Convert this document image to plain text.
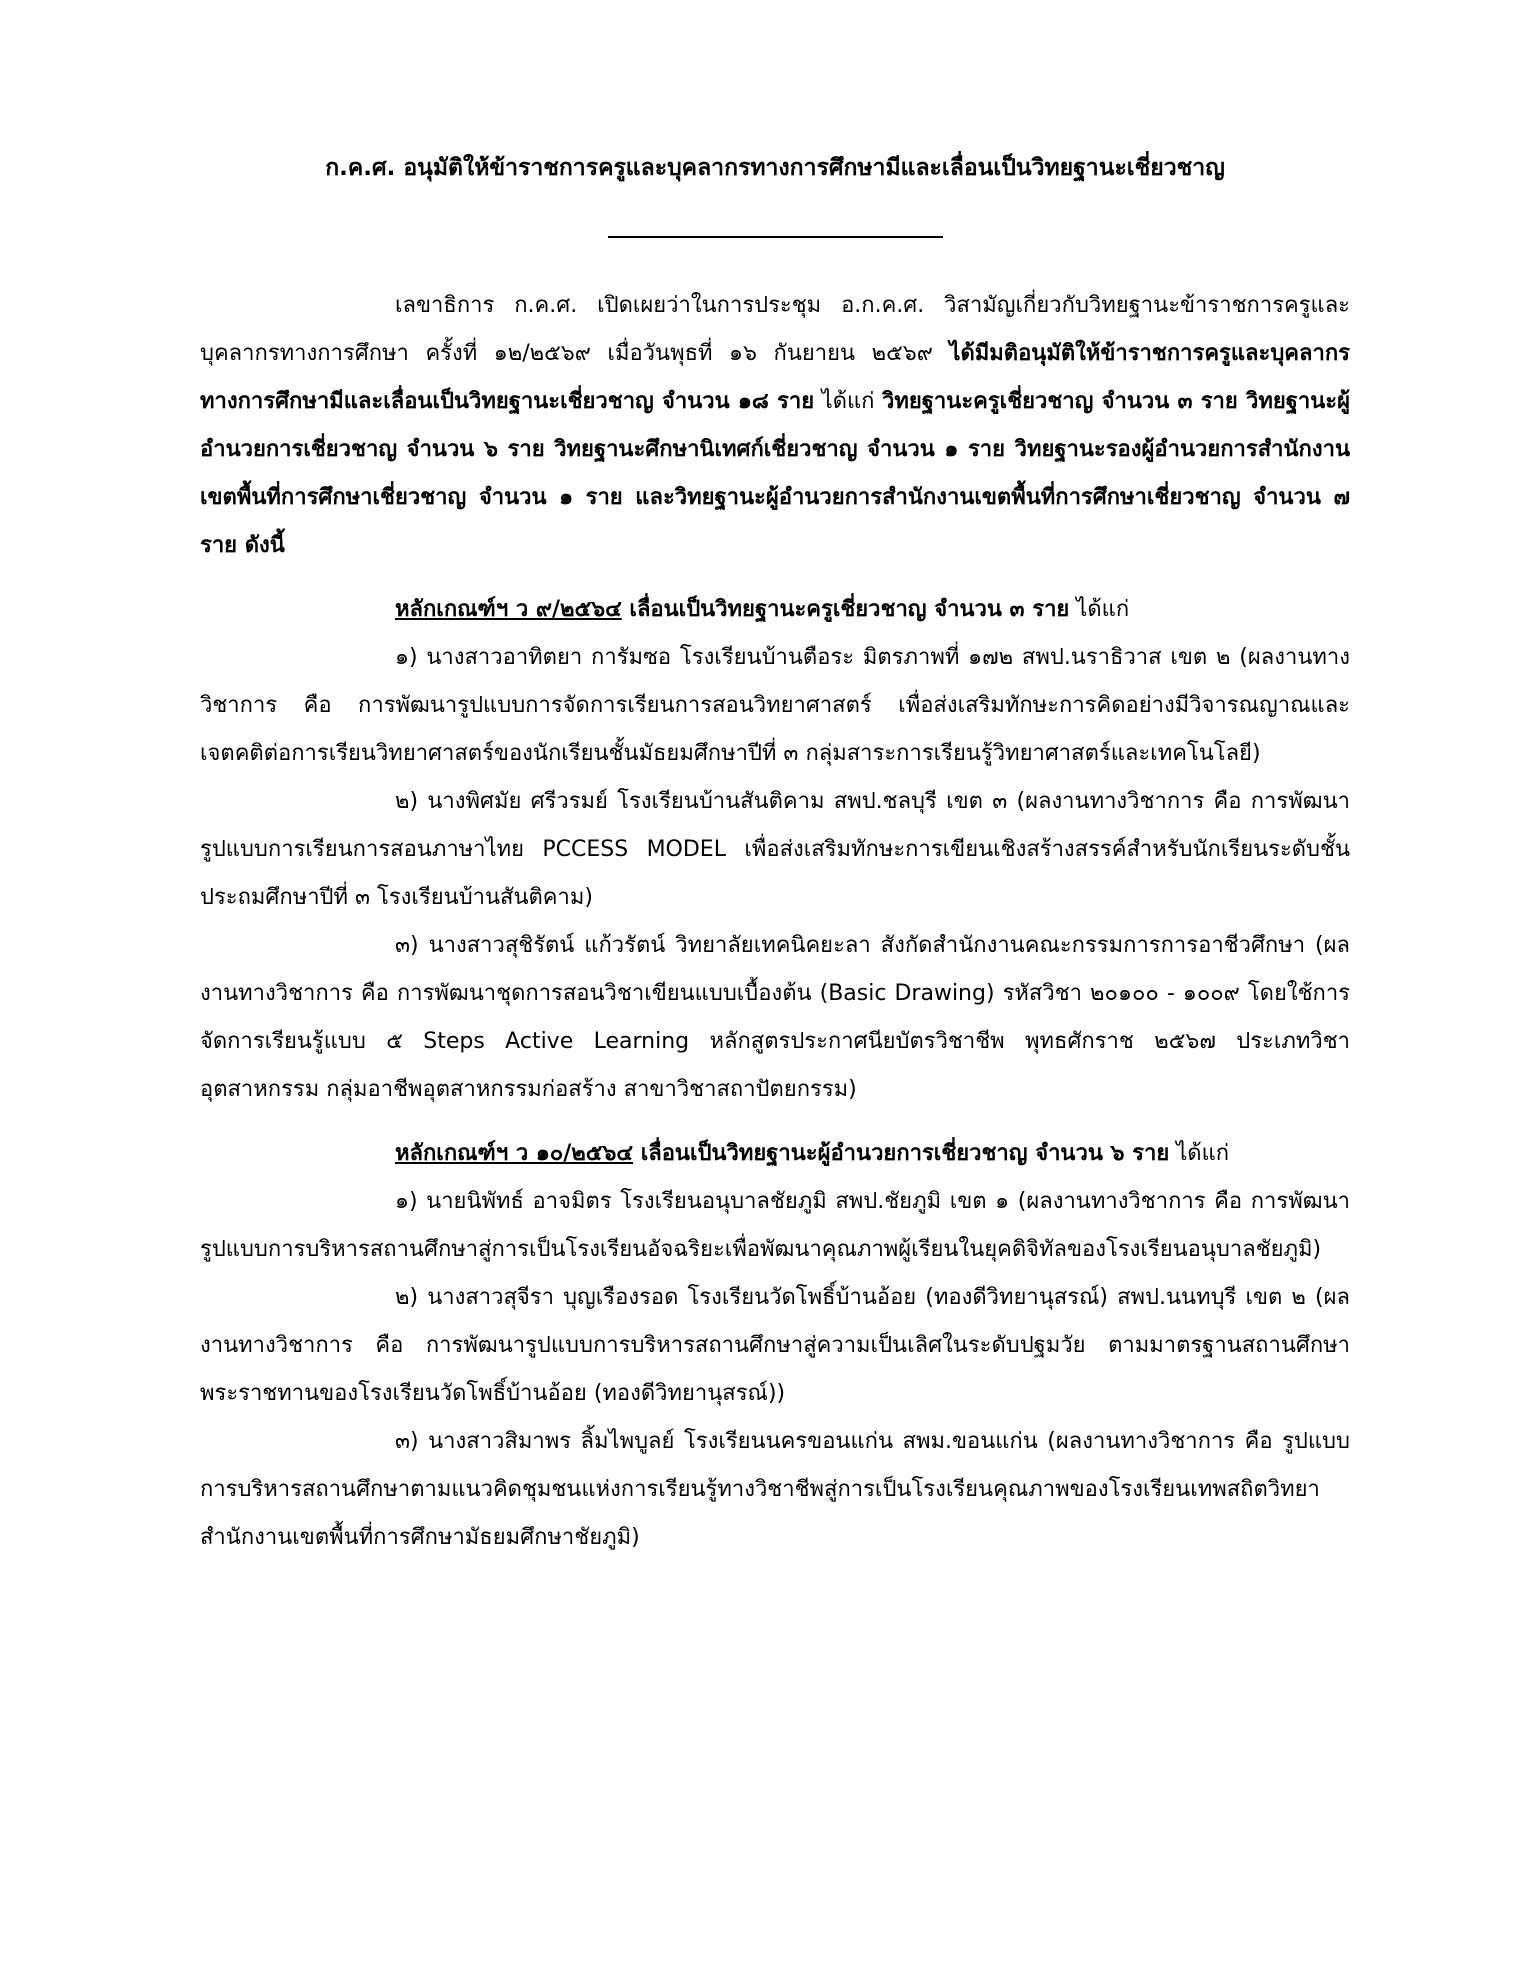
ก.ค.ศ. อนุมัติให้ข้าราชการครูและบุคลากรทางการศึกษามีและเลื่อนเป็นวิทยฐานะเชี่ยวชาญ

เลขาธิการ ก.ค.ศ. เปิดเผยว่าในการประชุม อ.ก.ค.ศ. วิสามัญเกี่ยวกับวิทยฐานะข้าราชการครูและบุคลากรทางการศึกษา ครั้งที่ ๑๒/๒๕๖๙ เมื่อวันพุธที่ ๑๖ กันยายน ๒๕๖๙ ได้มีมติอนุมัติให้ข้าราชการครูและบุคลากรทางการศึกษามีและเลื่อนเป็นวิทยฐานะเชี่ยวชาญ จำนวน ๑๘ ราย ได้แก่ วิทยฐานะครูเชี่ยวชาญ จำนวน ๓ ราย วิทยฐานะผู้อำนวยการเชี่ยวชาญ จำนวน ๖ ราย วิทยฐานะศึกษานิเทศก์เชี่ยวชาญ จำนวน ๑ ราย วิทยฐานะรองผู้อำนวยการสำนักงานเขตพื้นที่การศึกษาเชี่ยวชาญ จำนวน ๑ ราย และวิทยฐานะผู้อำนวยการสำนักงานเขตพื้นที่การศึกษาเชี่ยวชาญ จำนวน ๗ ราย ดังนี้

หลักเกณฑ์ฯ ว ๙/๒๕๖๔ เลื่อนเป็นวิทยฐานะครูเชี่ยวชาญ จำนวน ๓ ราย ได้แก่

๑) นางสาวอาทิตยา การัมซอ โรงเรียนบ้านตือระ มิตรภาพที่ ๑๗๒ สพป.นราธิวาส เขต ๒ (ผลงานทางวิชาการ คือ การพัฒนารูปแบบการจัดการเรียนการสอนวิทยาศาสตร์ เพื่อส่งเสริมทักษะการคิดอย่างมีวิจารณญาณและเจตคติต่อการเรียนวิทยาศาสตร์ของนักเรียนชั้นมัธยมศึกษาปีที่ ๓ กลุ่มสาระการเรียนรู้วิทยาศาสตร์และเทคโนโลยี)

๒) นางพิศมัย ศรีวรมย์ โรงเรียนบ้านสันติคาม สพป.ชลบุรี เขต ๓ (ผลงานทางวิชาการ คือ การพัฒนารูปแบบการเรียนการสอนภาษาไทย PCCESS MODEL เพื่อส่งเสริมทักษะการเขียนเชิงสร้างสรรค์สำหรับนักเรียนระดับชั้นประถมศึกษาปีที่ ๓ โรงเรียนบ้านสันติคาม)

๓) นางสาวสุชิรัตน์ แก้วรัตน์ วิทยาลัยเทคนิคยะลา สังกัดสำนักงานคณะกรรมการการอาชีวศึกษา (ผลงานทางวิชาการ คือ การพัฒนาชุดการสอนวิชาเขียนแบบเบื้องต้น (Basic Drawing) รหัสวิชา ๒๐๑๐๐ - ๑๐๐๙ โดยใช้การจัดการเรียนรู้แบบ ๕ Steps Active Learning หลักสูตรประกาศนียบัตรวิชาชีพ พุทธศักราช ๒๕๖๗ ประเภทวิชาอุตสาหกรรม กลุ่มอาชีพอุตสาหกรรมก่อสร้าง สาขาวิชาสถาปัตยกรรม)

หลักเกณฑ์ฯ ว ๑๐/๒๕๖๔ เลื่อนเป็นวิทยฐานะผู้อำนวยการเชี่ยวชาญ จำนวน ๖ ราย ได้แก่

๑) นายนิพัทธ์ อาจมิตร โรงเรียนอนุบาลชัยภูมิ สพป.ชัยภูมิ เขต ๑ (ผลงานทางวิชาการ คือ การพัฒนารูปแบบการบริหารสถานศึกษาสู่การเป็นโรงเรียนอัจฉริยะเพื่อพัฒนาคุณภาพผู้เรียนในยุคดิจิทัลของโรงเรียนอนุบาลชัยภูมิ)

๒) นางสาวสุจีรา บุญเรืองรอด โรงเรียนวัดโพธิ์บ้านอ้อย (ทองดีวิทยานุสรณ์) สพป.นนทบุรี เขต ๒ (ผลงานทางวิชาการ คือ การพัฒนารูปแบบการบริหารสถานศึกษาสู่ความเป็นเลิศในระดับปฐมวัย ตามมาตรฐานสถานศึกษาพระราชทานของโรงเรียนวัดโพธิ์บ้านอ้อย (ทองดีวิทยานุสรณ์))

๓) นางสาวสิมาพร ลิ้มไพบูลย์ โรงเรียนนครขอนแก่น สพม.ขอนแก่น (ผลงานทางวิชาการ คือ รูปแบบการบริหารสถานศึกษาตามแนวคิดชุมชนแห่งการเรียนรู้ทางวิชาชีพสู่การเป็นโรงเรียนคุณภาพของโรงเรียนเทพสถิตวิทยา สำนักงานเขตพื้นที่การศึกษามัธยมศึกษาชัยภูมิ)
